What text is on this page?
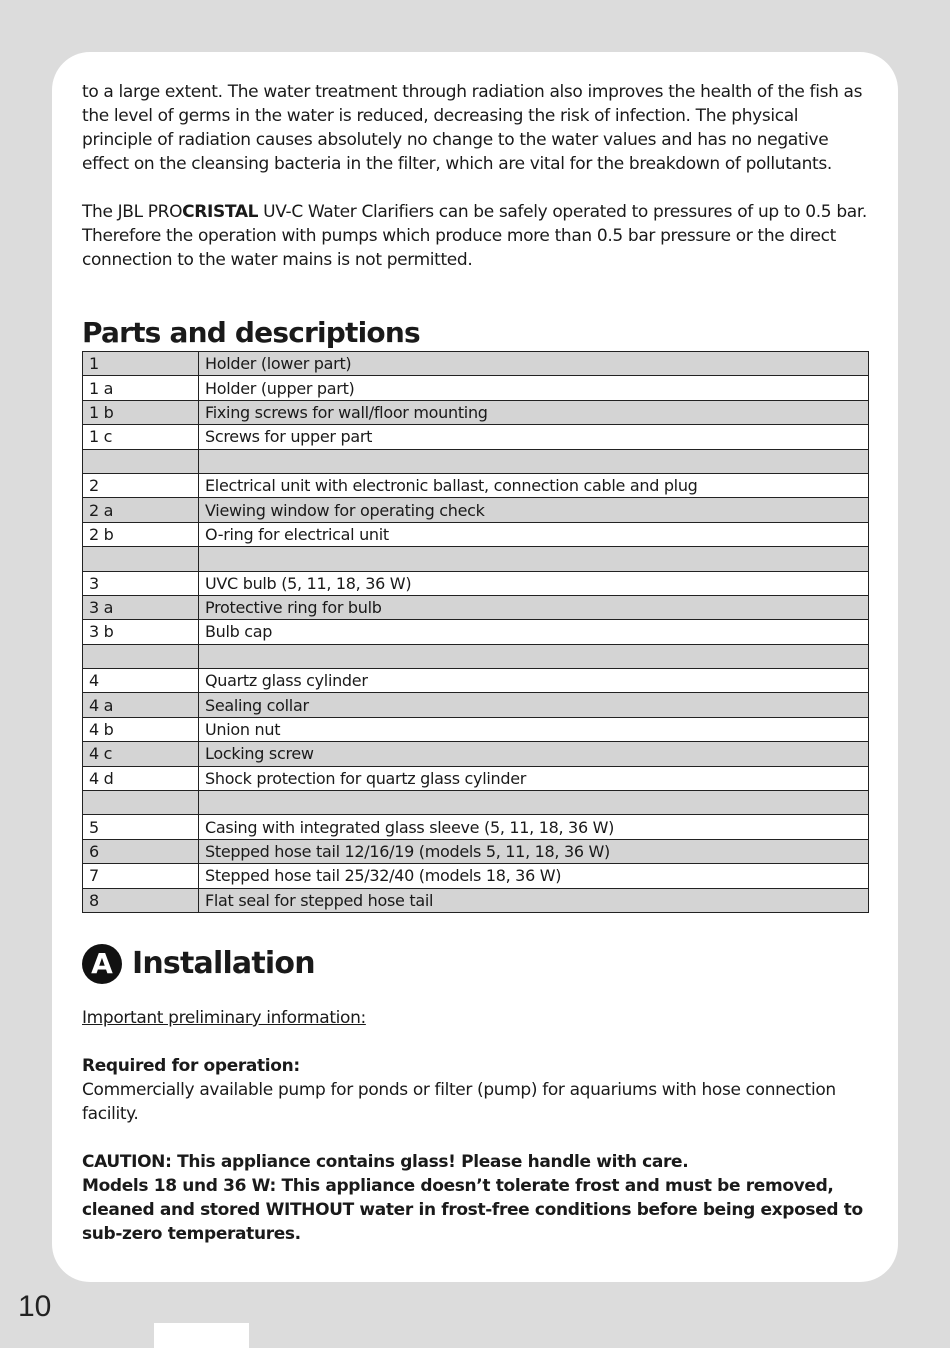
to a large extent. The water treatment through radiation also improves the health of the fish as the level of germs in the water is reduced, decreasing the risk of infection. The physical principle of radiation causes absolutely no change to the water values and has no negative effect on the cleansing bacteria in the filter, which are vital for the breakdown of pollutants.

The JBL PROCRISTAL UV-C Water Clarifiers can be safely operated to pressures of up to 0.5 bar. Therefore the operation with pumps which produce more than 0.5 bar pressure or the direct connection to the water mains is not permitted.

Parts and descriptions
1	Holder (lower part)
1 a	Holder (upper part)
1 b	Fixing screws for wall/floor mounting
1 c	Screws for upper part

2	Electrical unit with electronic ballast, connection cable and plug
2 a	Viewing window for operating check
2 b	O-ring for electrical unit

3	UVC bulb (5, 11, 18, 36 W)
3 a	Protective ring for bulb
3 b	Bulb cap

4	Quartz glass cylinder
4 a	Sealing collar
4 b	Union nut
4 c	Locking screw
4 d	Shock protection for quartz glass cylinder

5	Casing with integrated glass sleeve (5, 11, 18, 36 W)
6	Stepped hose tail 12/16/19 (models 5, 11, 18, 36 W)
7	Stepped hose tail 25/32/40 (models 18, 36 W)
8	Flat seal for stepped hose tail
A Installation

Important preliminary information:

Required for operation:

Commercially available pump for ponds or filter (pump) for aquariums with hose connection facility.

CAUTION: This appliance contains glass! Please handle with care.

Models 18 und 36 W: This appliance doesn’t tolerate frost and must be removed, cleaned and stored WITHOUT water in frost-free conditions before being exposed to sub-zero temperatures.

10
